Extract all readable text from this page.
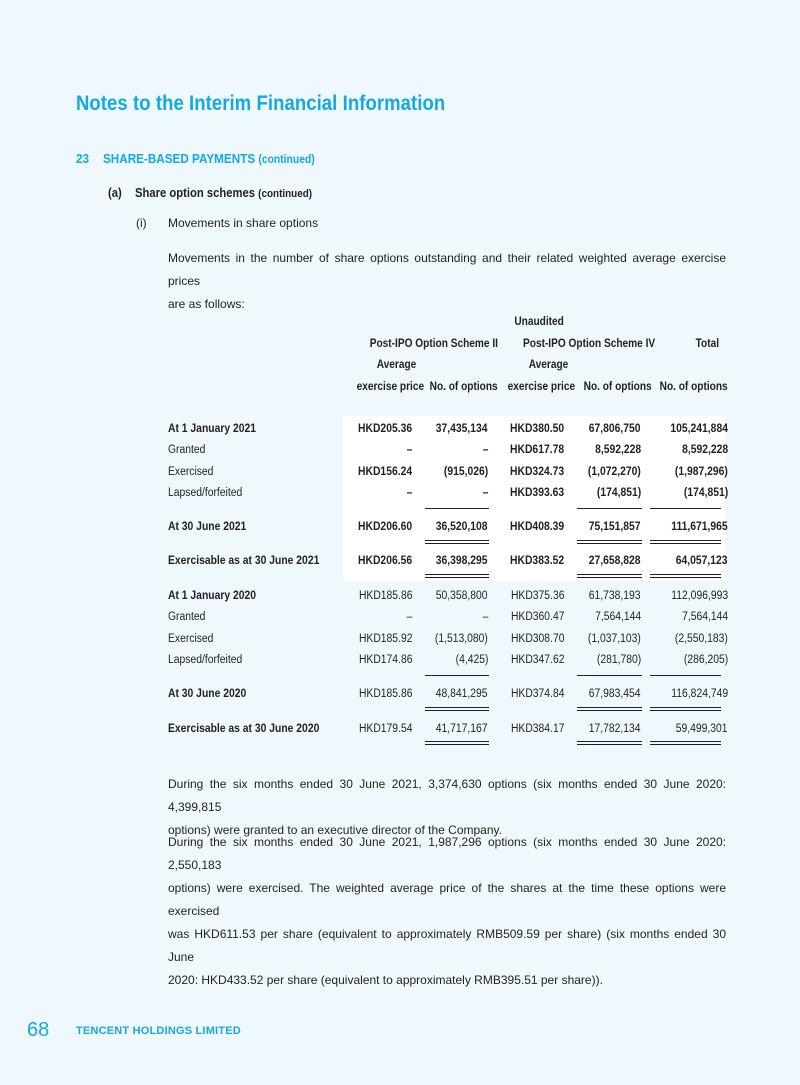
Notes to the Interim Financial Information
23 SHARE-BASED PAYMENTS (continued)
(a) Share option schemes (continued)
(i) Movements in share options
Movements in the number of share options outstanding and their related weighted average exercise prices
are as follows:
Unaudited
Post-IPO Option Scheme II Post-IPO Option Scheme IV	Total
Average	Average
exercise price No. of options exercise price No. of options No. of options
At 1 January 2021	HKD205.36	37,435,134	HKD380.50	67,806,750	105,241,884
Granted	–	–	HKD617.78	8,592,228	8,592,228
Exercised	HKD156.24	(915,026)	HKD324.73	(1,072,270)	(1,987,296)
Lapsed/forfeited	–	–	HKD393.63	(174,851)	(174,851)
At 30 June 2021	HKD206.60	36,520,108	HKD408.39	75,151,857	111,671,965
Exercisable as at 30 June 2021	HKD206.56	36,398,295	HKD383.52	27,658,828	64,057,123
At 1 January 2020	HKD185.86	50,358,800	HKD375.36	61,738,193	112,096,993
Granted	–	–	HKD360.47	7,564,144	7,564,144
Exercised	HKD185.92	(1,513,080)	HKD308.70	(1,037,103)	(2,550,183)
Lapsed/forfeited	HKD174.86	(4,425)	HKD347.62	(281,780)	(286,205)
At 30 June 2020	HKD185.86	48,841,295	HKD374.84	67,983,454	116,824,749
Exercisable as at 30 June 2020	HKD179.54	41,717,167	HKD384.17	17,782,134	59,499,301
During the six months ended 30 June 2021, 3,374,630 options (six months ended 30 June 2020: 4,399,815
options) were granted to an executive director of the Company.
During the six months ended 30 June 2021, 1,987,296 options (six months ended 30 June 2020: 2,550,183
options) were exercised. The weighted average price of the shares at the time these options were exercised
was HKD611.53 per share (equivalent to approximately RMB509.59 per share) (six months ended 30 June
2020: HKD433.52 per share (equivalent to approximately RMB395.51 per share)).
68 TENCENT HOLDINGS LIMITED
